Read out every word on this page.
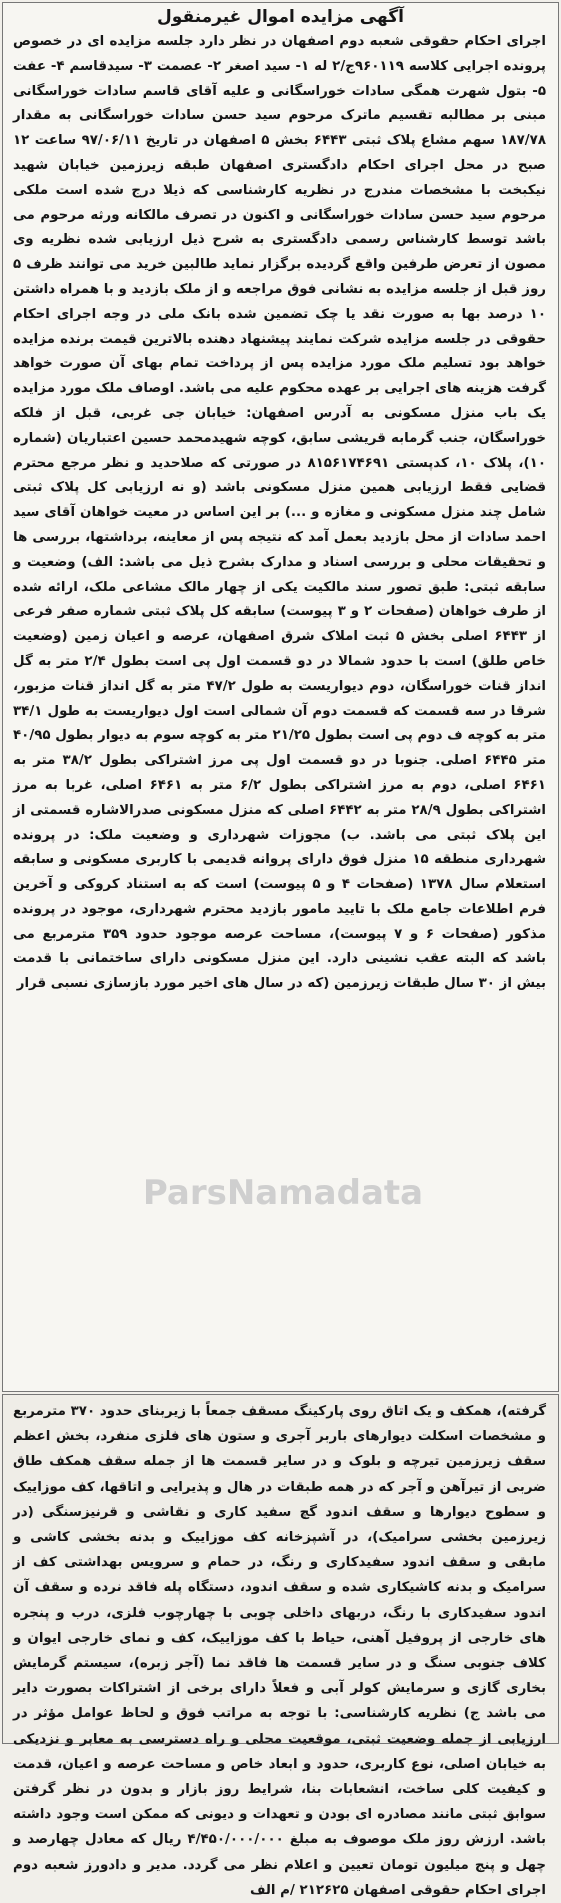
آگهی مزایده اموال غیرمنقول
اجرای احکام حقوقی شعبه دوم اصفهان در نظر دارد جلسه مزایده ای در خصوص پرونده اجرایی کلاسه ۹۶۰۱۱۹ج/۲ له ۱- سید اصغر ۲- عصمت ۳- سیدقاسم ۴- عفت ۵- بتول شهرت همگی سادات خوراسگانی و علیه آقای قاسم سادات خوراسگانی مبنی بر مطالبه تقسیم ماترک مرحوم سید حسن سادات خوراسگانی به مقدار ۱۸۷/۷۸ سهم مشاع پلاک ثبتی ۶۴۴۳ بخش ۵ اصفهان در تاریخ ۹۷/۰۶/۱۱ ساعت ۱۲ صبح در محل اجرای احکام دادگستری اصفهان طبقه زیرزمین خیابان شهید نیکبخت با مشخصات مندرج در نظریه کارشناسی که ذیلا درج شده است ملکی مرحوم سید حسن سادات خوراسگانی و اکنون در تصرف مالکانه ورثه مرحوم می باشد توسط کارشناس رسمی دادگستری به شرح ذیل ارزیابی شده نظریه وی مصون از تعرض طرفین واقع گردیده برگزار نماید طالبین خرید می توانند ظرف ۵ روز قبل از جلسه مزایده به نشانی فوق مراجعه و از ملک بازدید و با همراه داشتن ۱۰ درصد بها به صورت نقد یا چک تضمین شده بانک ملی در وجه اجرای احکام حقوقی در جلسه مزایده شرکت نمایند پیشنهاد دهنده بالاترین قیمت برنده مزایده خواهد بود تسلیم ملک مورد مزایده پس از پرداخت تمام بهای آن صورت خواهد گرفت هزینه های اجرایی بر عهده محکوم علیه می باشد. اوصاف ملک مورد مزایده یک باب منزل مسکونی به آدرس اصفهان: خیابان جی غربی، قبل از فلکه خوراسگان، جنب گرمابه قریشی سابق، کوچه شهیدمحمد حسین اعتباریان (شماره ۱۰)، پلاک ۱۰، کدپستی ۸۱۵۶۱۷۴۶۹۱ در صورتی که صلاحدید و نظر مرجع محترم قضایی فقط ارزیابی همین منزل مسکونی باشد (و نه ارزیابی کل پلاک ثبتی شامل چند منزل مسکونی و مغازه و ...) بر این اساس در معیت خواهان آقای سید احمد سادات از محل بازدید بعمل آمد که نتیجه پس از معاینه، برداشتها، بررسی ها و تحقیقات محلی و بررسی اسناد و مدارک بشرح ذیل می باشد: الف) وضعیت و سابقه ثبتی: طبق تصور سند مالکیت یکی از چهار مالک مشاعی ملک، ارائه شده از طرف خواهان (صفحات ۲ و ۳ پیوست) سابقه کل پلاک ثبتی شماره صفر فرعی از ۶۴۴۳ اصلی بخش ۵ ثبت املاک شرق اصفهان، عرصه و اعیان زمین (وضعیت خاص طلق) است با حدود شمالا در دو قسمت اول پی است بطول ۲/۴ متر به گل انداز قنات خوراسگان، دوم دیواریست به طول ۴۷/۲ متر به گل انداز قنات مزبور، شرقا در سه قسمت که قسمت دوم آن شمالی است اول دیواریست به طول ۳۴/۱ متر به کوچه ف دوم پی است بطول ۲۱/۲۵ متر به کوچه سوم به دیوار بطول ۴۰/۹۵ متر ۶۴۴۵ اصلی. جنوبا در دو قسمت اول پی مرز اشتراکی بطول ۳۸/۲ متر به ۶۴۶۱ اصلی، دوم به مرز اشتراکی بطول ۶/۲ متر به ۶۴۶۱ اصلی، غربا به مرز اشتراکی بطول ۲۸/۹ متر به ۶۴۴۲ اصلی که منزل مسکونی صدرالاشاره قسمتی از این پلاک ثبتی می باشد. ب) مجوزات شهرداری و وضعیت ملک: در پرونده شهرداری منطقه ۱۵ منزل فوق دارای پروانه قدیمی با کاربری مسکونی و سابقه استعلام سال ۱۳۷۸ (صفحات ۴ و ۵ پیوست) است که به استناد کروکی و آخرین فرم اطلاعات جامع ملک با تایید مامور بازدید محترم شهرداری، موجود در پرونده مذکور (صفحات ۶ و ۷ پیوست)، مساحت عرصه موجود حدود ۳۵۹ مترمربع می باشد که البته عقب نشینی دارد. این منزل مسکونی دارای ساختمانی با قدمت بیش از ۳۰ سال طبقات زیرزمین (که در سال های اخیر مورد بازسازی نسبی قرار
ParsNamadata
گرفته)، همکف و یک اتاق روی پارکینگ مسقف جمعاً با زیربنای حدود ۳۷۰ مترمربع و مشخصات اسکلت دیوارهای باربر آجری و ستون های فلزی منفرد، بخش اعظم سقف زیرزمین تیرچه و بلوک و در سایر قسمت ها از جمله سقف همکف طاق ضربی از تیرآهن و آجر که در همه طبقات در هال و پذیرایی و اتاقها، کف موزاییک و سطوح دیوارها و سقف اندود گچ سفید کاری و نقاشی و قرنیزسنگی (در زیرزمین بخشی سرامیک)، در آشپزخانه کف موزاییک و بدنه بخشی کاشی و مابقی و سقف اندود سفیدکاری و رنگ، در حمام و سرویس بهداشتی کف از سرامیک و بدنه کاشیکاری شده و سقف اندود، دستگاه پله فاقد نرده و سقف آن اندود سفیدکاری با رنگ، دربهای داخلی چوبی با چهارچوب فلزی، درب و پنجره های خارجی از پروفیل آهنی، حیاط با کف موزاییک، کف و نمای خارجی ایوان و کلاف جنوبی سنگ و در سایر قسمت ها فاقد نما (آجر زبره)، سیستم گرمایش بخاری گازی و سرمایش کولر آبی و فعلاً دارای برخی از اشتراکات بصورت دایر می باشد ج) نظریه کارشناسی: با توجه به مراتب فوق و لحاظ عوامل مؤثر در ارزیابی از جمله وضعیت ثبتی، موقعیت محلی و راه دسترسی به معابر و نزدیکی به خیابان اصلی، نوع کاربری، حدود و ابعاد خاص و مساحت عرصه و اعیان، قدمت و کیفیت کلی ساخت، انشعابات بنا، شرایط روز بازار و بدون در نظر گرفتن سوابق ثبتی مانند مصادره ای بودن و تعهدات و دیونی که ممکن است وجود داشته باشد. ارزش روز ملک موصوف به مبلغ ۴/۴۵۰/۰۰۰/۰۰۰ ریال که معادل چهارصد و چهل و پنج میلیون تومان تعیین و اعلام نظر می گردد. مدیر و دادورز شعبه دوم اجرای احکام حقوقی اصفهان ۲۱۲۶۲۵ /م الف
